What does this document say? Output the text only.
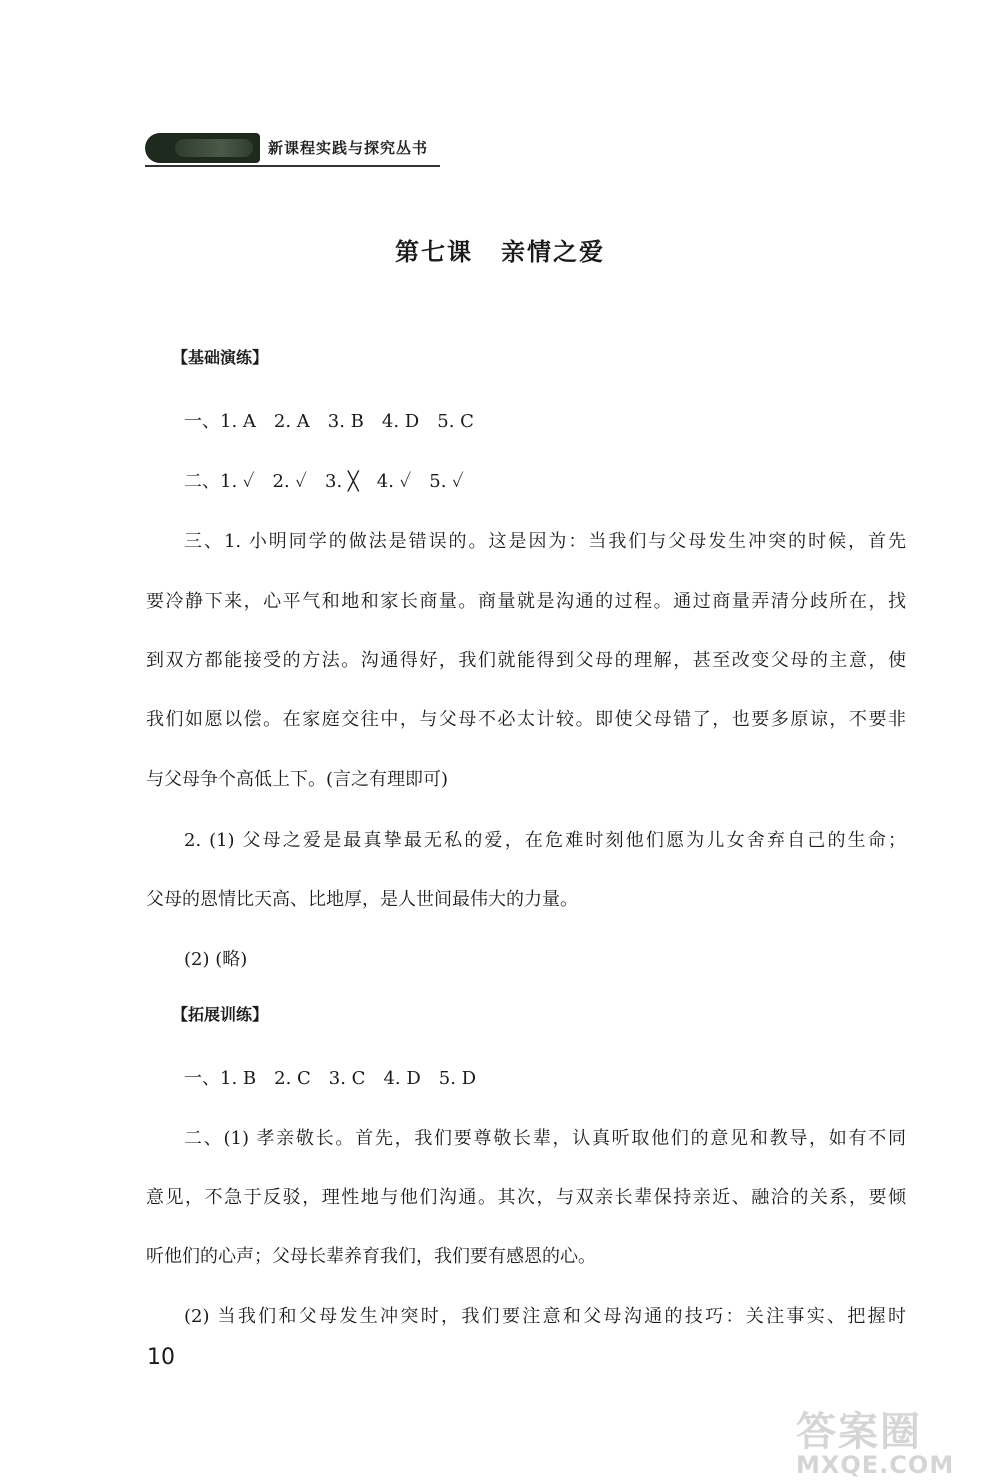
新课程实践与探究丛书
第七课 亲情之爱
【基础演练】
一、1. A　2. A　3. B　4. D　5. C
二、1. ✓　2. ✓　3. ╳　4. ✓　5. ✓
三、1. 小明同学的做法是错误的。这是因为：当我们与父母发生冲突的时候，首先
要冷静下来，心平气和地和家长商量。商量就是沟通的过程。通过商量弄清分歧所在，找
到双方都能接受的方法。沟通得好，我们就能得到父母的理解，甚至改变父母的主意，使
我们如愿以偿。在家庭交往中，与父母不必太计较。即使父母错了，也要多原谅，不要非
与父母争个高低上下。(言之有理即可)
2. (1) 父母之爱是最真挚最无私的爱，在危难时刻他们愿为儿女舍弃自己的生命；
父母的恩情比天高、比地厚，是人世间最伟大的力量。
(2) (略)
【拓展训练】
一、1. B　2. C　3. C　4. D　5. D
二、(1) 孝亲敬长。首先，我们要尊敬长辈，认真听取他们的意见和教导，如有不同
意见，不急于反驳，理性地与他们沟通。其次，与双亲长辈保持亲近、融洽的关系，要倾
听他们的心声；父母长辈养育我们，我们要有感恩的心。
(2) 当我们和父母发生冲突时，我们要注意和父母沟通的技巧：关注事实、把握时
10
答案圈
MXQE.COM
